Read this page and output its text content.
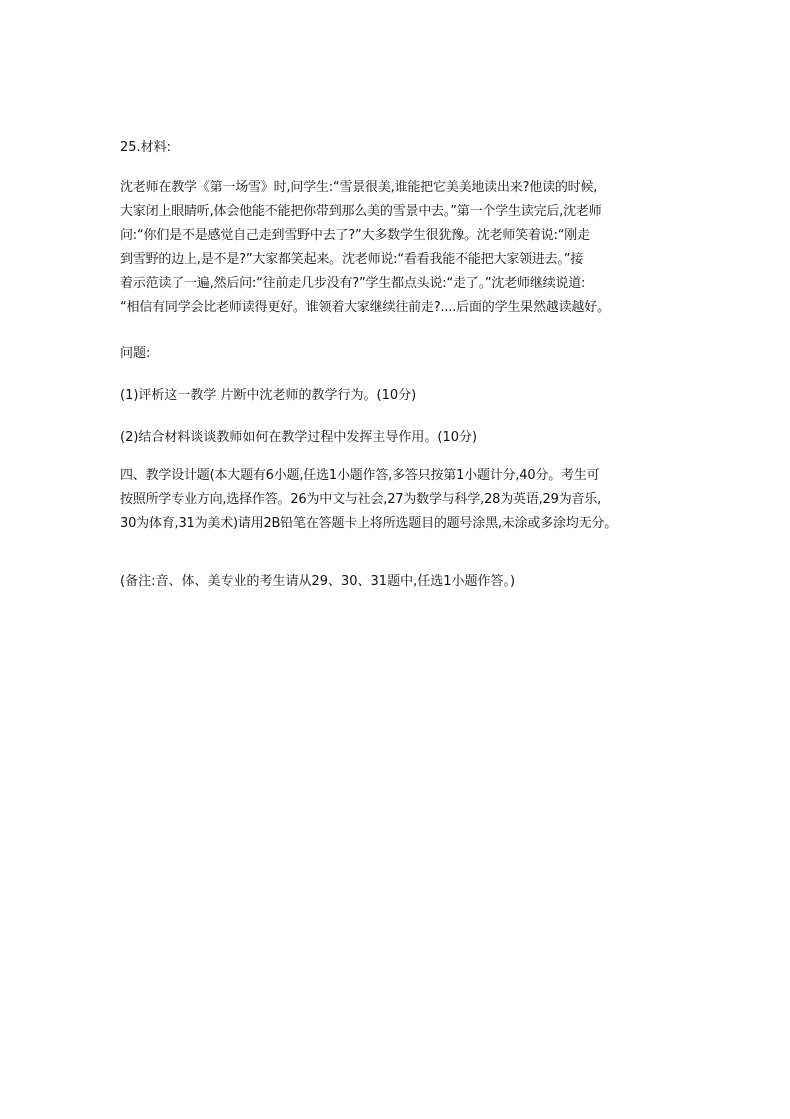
25.材料:
沈老师在教学《第一场雪》时,问学生:“雪景很美,谁能把它美美地读出来?他读的时候,
大家闭上眼睛听,体会他能不能把你带到那么美的雪景中去。”第一个学生读完后,沈老师
问:“你们是不是感觉自己走到雪野中去了?”大多数学生很犹豫。沈老师笑着说:“刚走
到雪野的边上,是不是?”大家都笑起来。沈老师说:“看看我能不能把大家领进去。”接
着示范读了一遍,然后问:“往前走几步没有?”学生都点头说:“走了。”沈老师继续说道:
“相信有同学会比老师读得更好。谁领着大家继续往前走?....后面的学生果然越读越好。
问题:
(1)评析这一教学 片断中沈老师的教学行为。(10分)
(2)结合材料谈谈教师如何在教学过程中发挥主导作用。(10分)
四、教学设计题(本大题有6小题,任选1小题作答,多答只按第1小题计分,40分。考生可
按照所学专业方向,选择作答。26为中文与社会,27为数学与科学,28为英语,29为音乐,
30为体育,31为美术)请用2B铅笔在答题卡上将所选题目的题号涂黑,未涂或多涂均无分。
(备注:音、体、美专业的考生请从29、30、31题中,任选1小题作答。)
